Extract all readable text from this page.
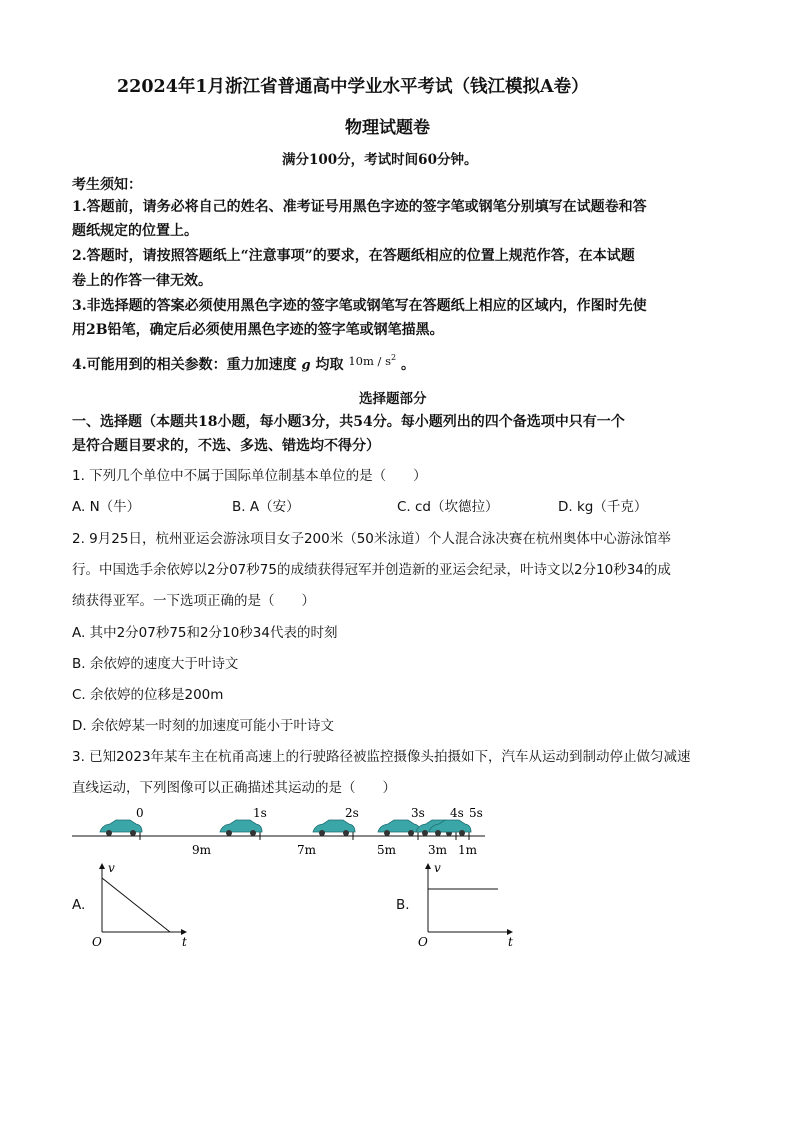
22024年1月浙江省普通高中学业水平考试（钱江模拟A卷）
物理试题卷
满分100分，考试时间60分钟。
考生须知：
1.答题前，请务必将自己的姓名、准考证号用黑色字迹的签字笔或钢笔分别填写在试题卷和答
题纸规定的位置上。
2.答题时，请按照答题纸上“注意事项”的要求，在答题纸相应的位置上规范作答，在本试题
卷上的作答一律无效。
3.非选择题的答案必须使用黑色字迹的签字笔或钢笔写在答题纸上相应的区域内，作图时先使
用2B铅笔，确定后必须使用黑色字迹的签字笔或钢笔描黑。
4.可能用到的相关参数：重力加速度 g 均取 $^{10m / s^2}$ 。
选择题部分
一、选择题（本题共18小题，每小题3分，共54分。每小题列出的四个备选项中只有一个
是符合题目要求的，不选、多选、错选均不得分）
1. 下列几个单位中不属于国际单位制基本单位的是（　　）
A. N（牛）	B. A（安）	C. cd（坎德拉）	D. kg（千克）
2. 9月25日，杭州亚运会游泳项目女子200米（50米泳道）个人混合泳决赛在杭州奥体中心游泳馆举
行。中国选手余依婷以2分07秒75的成绩获得冠军并创造新的亚运会纪录，叶诗文以2分10秒34的成
绩获得亚军。一下选项正确的是（　　）
A. 其中2分07秒75和2分10秒34代表的时刻
B. 余依婷的速度大于叶诗文
C. 余依婷的位移是200m
D. 余依婷某一时刻的加速度可能小于叶诗文
3. 已知2023年某车主在杭甬高速上的行驶路径被监控摄像头拍摄如下，汽车从运动到制动停止做匀减速
直线运动，下列图像可以正确描述其运动的是（　　）
0	1s	2s	3s 4s 5s
9m	7m	5m	3m 1m
A.
v
t
O
B.
v
t
O
